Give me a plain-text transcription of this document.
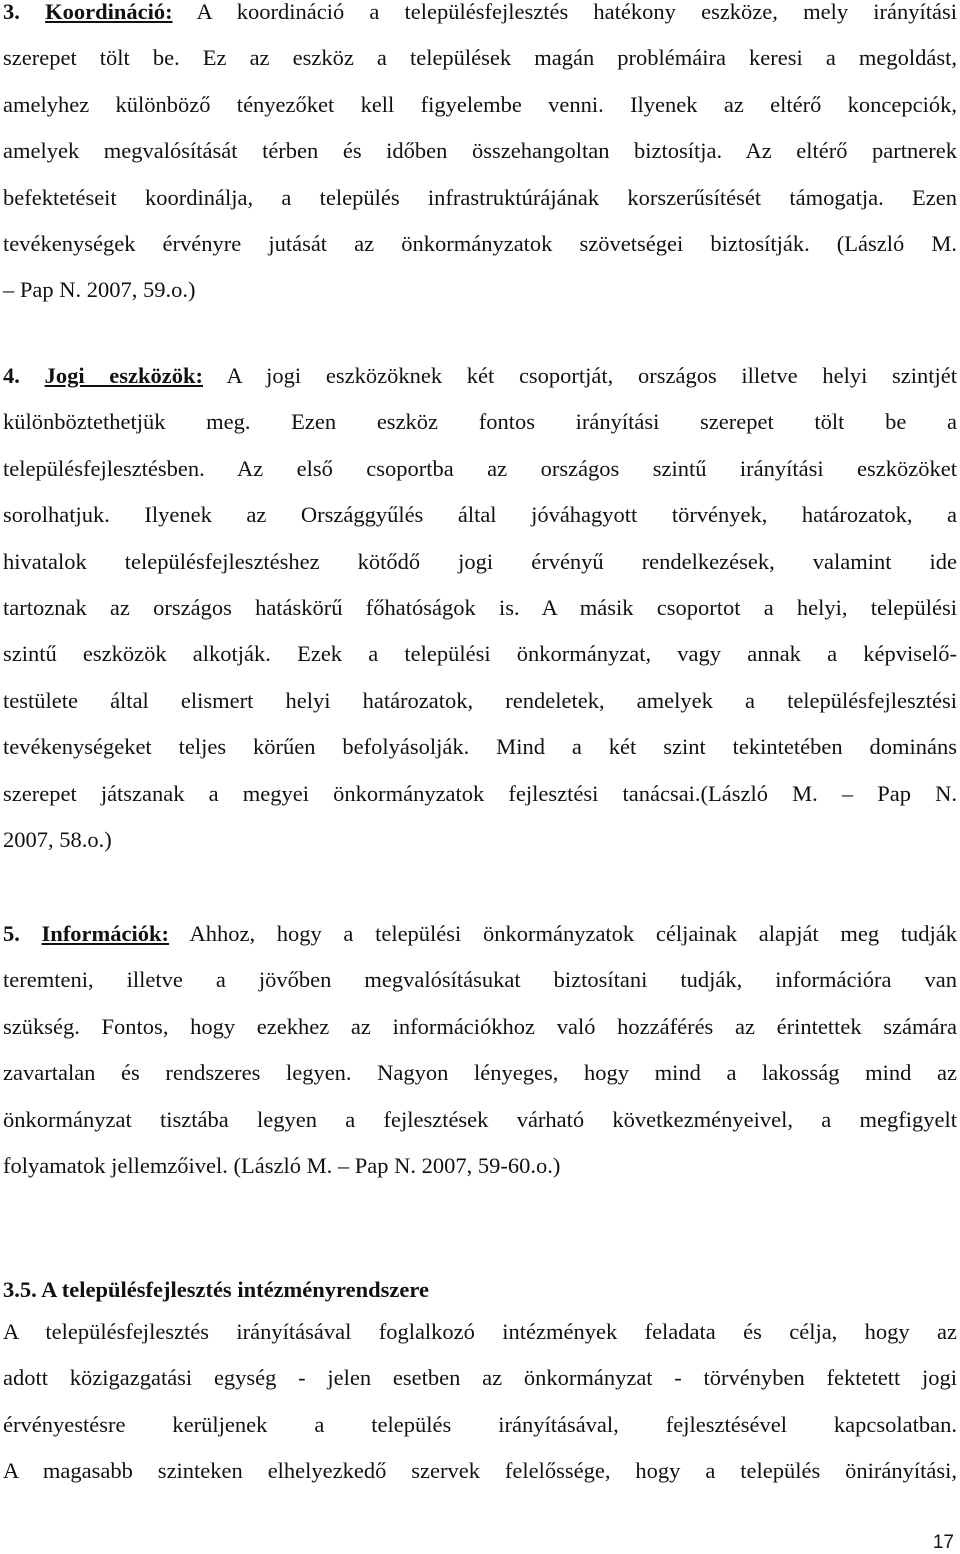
3. Koordináció: A koordináció a településfejlesztés hatékony eszköze, mely irányítási
szerepet tölt be. Ez az eszköz a települések magán problémáira keresi a megoldást,
amelyhez különböző tényezőket kell figyelembe venni. Ilyenek az eltérő koncepciók,
amelyek megvalósítását térben és időben összehangoltan biztosítja. Az eltérő partnerek
befektetéseit koordinálja, a település infrastruktúrájának korszerűsítését támogatja. Ezen
tevékenységek érvényre jutását az önkormányzatok szövetségei biztosítják. (László M.
– Pap N. 2007, 59.o.)
4. Jogi eszközök: A jogi eszközöknek két csoportját, országos illetve helyi szintjét
különböztethetjük meg. Ezen eszköz fontos irányítási szerepet tölt be a
településfejlesztésben. Az első csoportba az országos szintű irányítási eszközöket
sorolhatjuk. Ilyenek az Országgyűlés által jóváhagyott törvények, határozatok, a
hivatalok településfejlesztéshez kötődő jogi érvényű rendelkezések, valamint ide
tartoznak az országos hatáskörű főhatóságok is. A másik csoportot a helyi, települési
szintű eszközök alkotják. Ezek a települési önkormányzat, vagy annak a képviselő-
testülete által elismert helyi határozatok, rendeletek, amelyek a településfejlesztési
tevékenységeket teljes körűen befolyásolják. Mind a két szint tekintetében domináns
szerepet játszanak a megyei önkormányzatok fejlesztési tanácsai.(László M. – Pap N.
2007, 58.o.)
5. Információk: Ahhoz, hogy a települési önkormányzatok céljainak alapját meg tudják
teremteni, illetve a jövőben megvalósításukat biztosítani tudják, információra van
szükség. Fontos, hogy ezekhez az információkhoz való hozzáférés az érintettek számára
zavartalan és rendszeres legyen. Nagyon lényeges, hogy mind a lakosság mind az
önkormányzat tisztába legyen a fejlesztések várható következményeivel, a megfigyelt
folyamatok jellemzőivel. (László M. – Pap N. 2007, 59-60.o.)
3.5. A településfejlesztés intézményrendszere
A településfejlesztés irányításával foglalkozó intézmények feladata és célja, hogy az
adott közigazgatási egység - jelen esetben az önkormányzat - törvényben fektetett jogi
érvényestésre kerüljenek a település irányításával, fejlesztésével kapcsolatban.
A magasabb szinteken elhelyezkedő szervek felelőssége, hogy a település önirányítási,
17
